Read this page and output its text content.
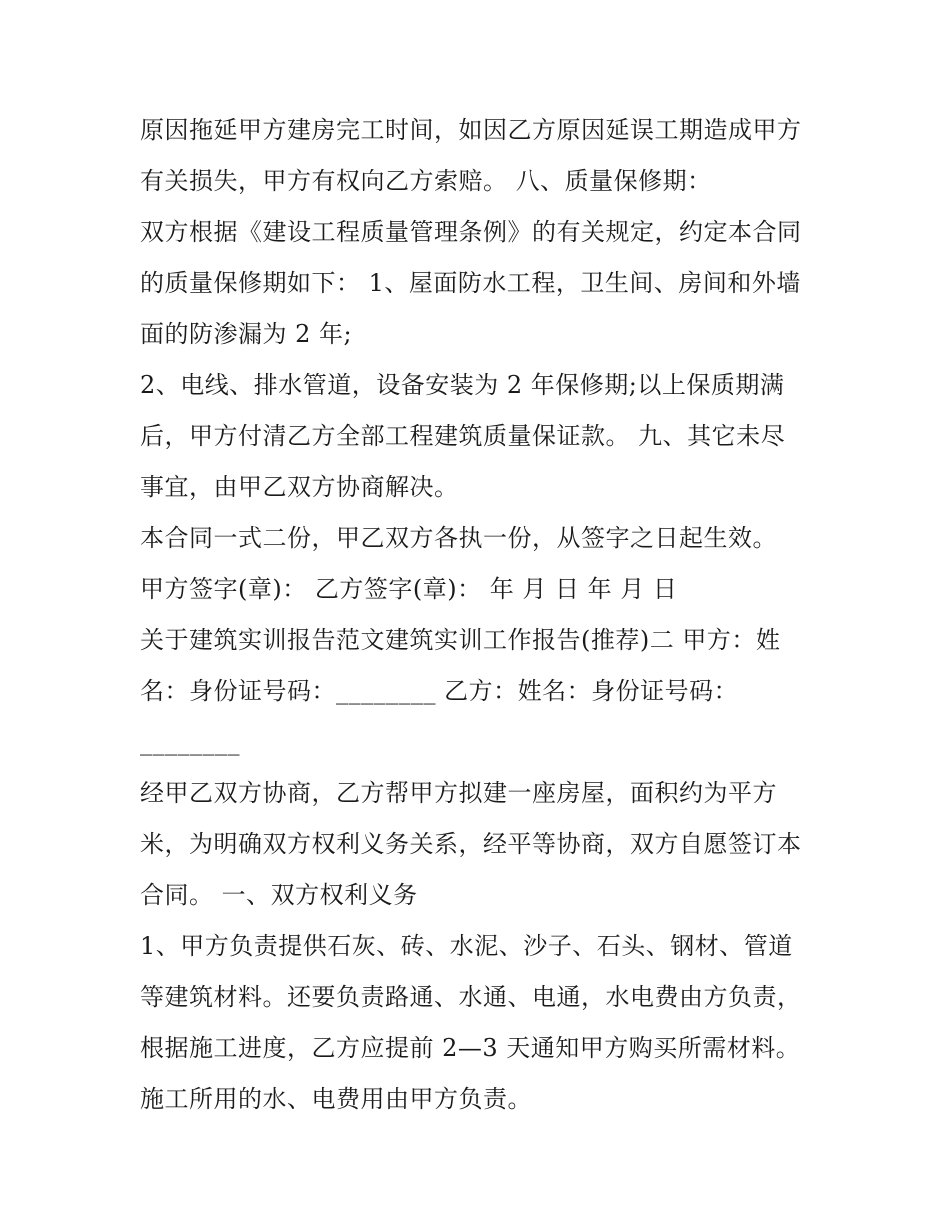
原因拖延甲方建房完工时间，如因乙方原因延误工期造成甲方
有关损失，甲方有权向乙方索赔。 八、质量保修期：
双方根据《建设工程质量管理条例》的有关规定，约定本合同
的质量保修期如下： 1、屋面防水工程，卫生间、房间和外墙
面的防渗漏为 2 年;
2、电线、排水管道，设备安装为 2 年保修期;以上保质期满
后，甲方付清乙方全部工程建筑质量保证款。 九、其它未尽
事宜，由甲乙双方协商解决。
本合同一式二份，甲乙双方各执一份，从签字之日起生效。
甲方签字(章)： 乙方签字(章)： 年 月 日 年 月 日
关于建筑实训报告范文建筑实训工作报告(推荐)二 甲方：姓
名：身份证号码：________ 乙方：姓名：身份证号码：
________
经甲乙双方协商，乙方帮甲方拟建一座房屋，面积约为平方
米，为明确双方权利义务关系，经平等协商，双方自愿签订本
合同。 一、双方权利义务
1、甲方负责提供石灰、砖、水泥、沙子、石头、钢材、管道
等建筑材料。还要负责路通、水通、电通，水电费由方负责，
根据施工进度，乙方应提前 2—3 天通知甲方购买所需材料。
施工所用的水、电费用由甲方负责。
